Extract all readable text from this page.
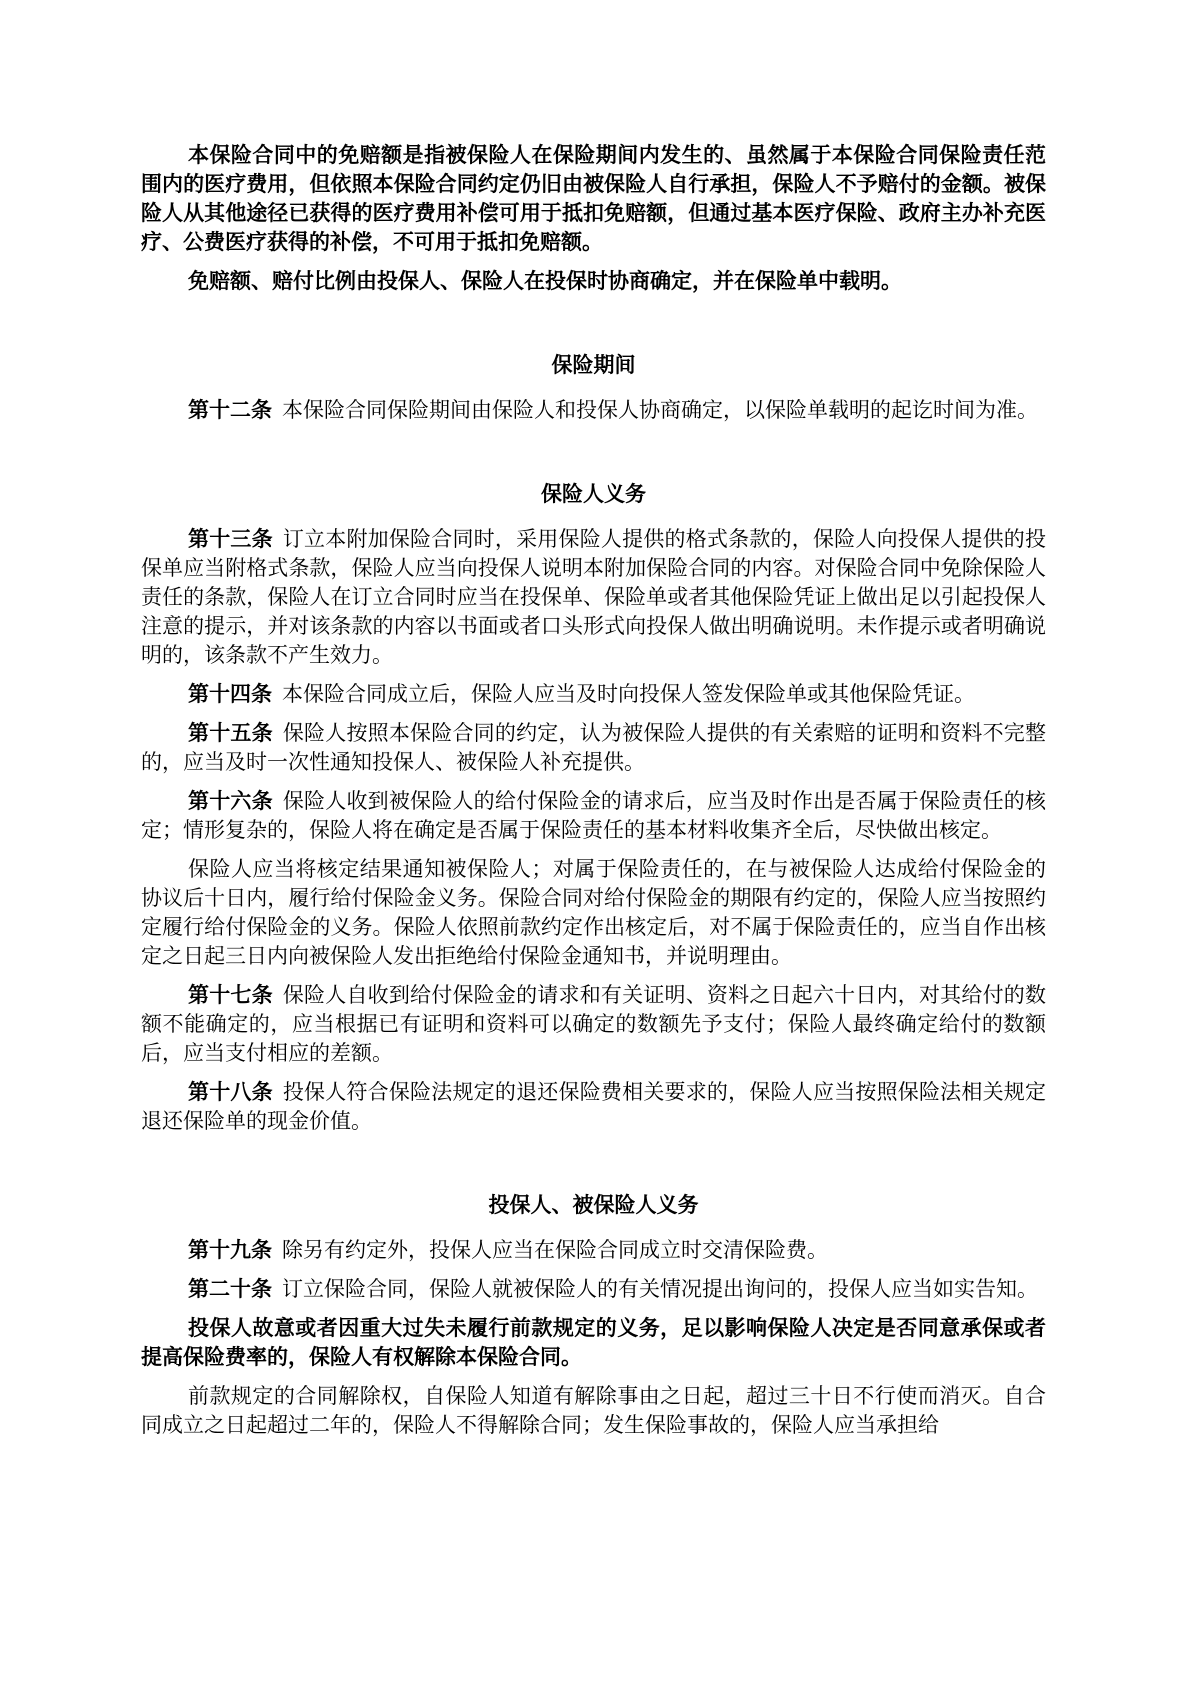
本保险合同中的免赔额是指被保险人在保险期间内发生的、虽然属于本保险合同保险责任范围内的医疗费用，但依照本保险合同约定仍旧由被保险人自行承担，保险人不予赔付的金额。被保险人从其他途径已获得的医疗费用补偿可用于抵扣免赔额，但通过基本医疗保险、政府主办补充医疗、公费医疗获得的补偿，不可用于抵扣免赔额。

免赔额、赔付比例由投保人、保险人在投保时协商确定，并在保险单中载明。

保险期间

第十二条 本保险合同保险期间由保险人和投保人协商确定，以保险单载明的起讫时间为准。

保险人义务

第十三条 订立本附加保险合同时，采用保险人提供的格式条款的，保险人向投保人提供的投保单应当附格式条款，保险人应当向投保人说明本附加保险合同的内容。对保险合同中免除保险人责任的条款，保险人在订立合同时应当在投保单、保险单或者其他保险凭证上做出足以引起投保人注意的提示，并对该条款的内容以书面或者口头形式向投保人做出明确说明。未作提示或者明确说明的，该条款不产生效力。

第十四条 本保险合同成立后，保险人应当及时向投保人签发保险单或其他保险凭证。

第十五条 保险人按照本保险合同的约定，认为被保险人提供的有关索赔的证明和资料不完整的，应当及时一次性通知投保人、被保险人补充提供。

第十六条 保险人收到被保险人的给付保险金的请求后，应当及时作出是否属于保险责任的核定；情形复杂的，保险人将在确定是否属于保险责任的基本材料收集齐全后，尽快做出核定。

保险人应当将核定结果通知被保险人；对属于保险责任的，在与被保险人达成给付保险金的协议后十日内，履行给付保险金义务。保险合同对给付保险金的期限有约定的，保险人应当按照约定履行给付保险金的义务。保险人依照前款约定作出核定后，对不属于保险责任的，应当自作出核定之日起三日内向被保险人发出拒绝给付保险金通知书，并说明理由。

第十七条 保险人自收到给付保险金的请求和有关证明、资料之日起六十日内，对其给付的数额不能确定的，应当根据已有证明和资料可以确定的数额先予支付；保险人最终确定给付的数额后，应当支付相应的差额。

第十八条 投保人符合保险法规定的退还保险费相关要求的，保险人应当按照保险法相关规定退还保险单的现金价值。

投保人、被保险人义务

第十九条 除另有约定外，投保人应当在保险合同成立时交清保险费。

第二十条 订立保险合同，保险人就被保险人的有关情况提出询问的，投保人应当如实告知。

投保人故意或者因重大过失未履行前款规定的义务，足以影响保险人决定是否同意承保或者提高保险费率的，保险人有权解除本保险合同。

前款规定的合同解除权，自保险人知道有解除事由之日起，超过三十日不行使而消灭。自合同成立之日起超过二年的，保险人不得解除合同；发生保险事故的，保险人应当承担给
